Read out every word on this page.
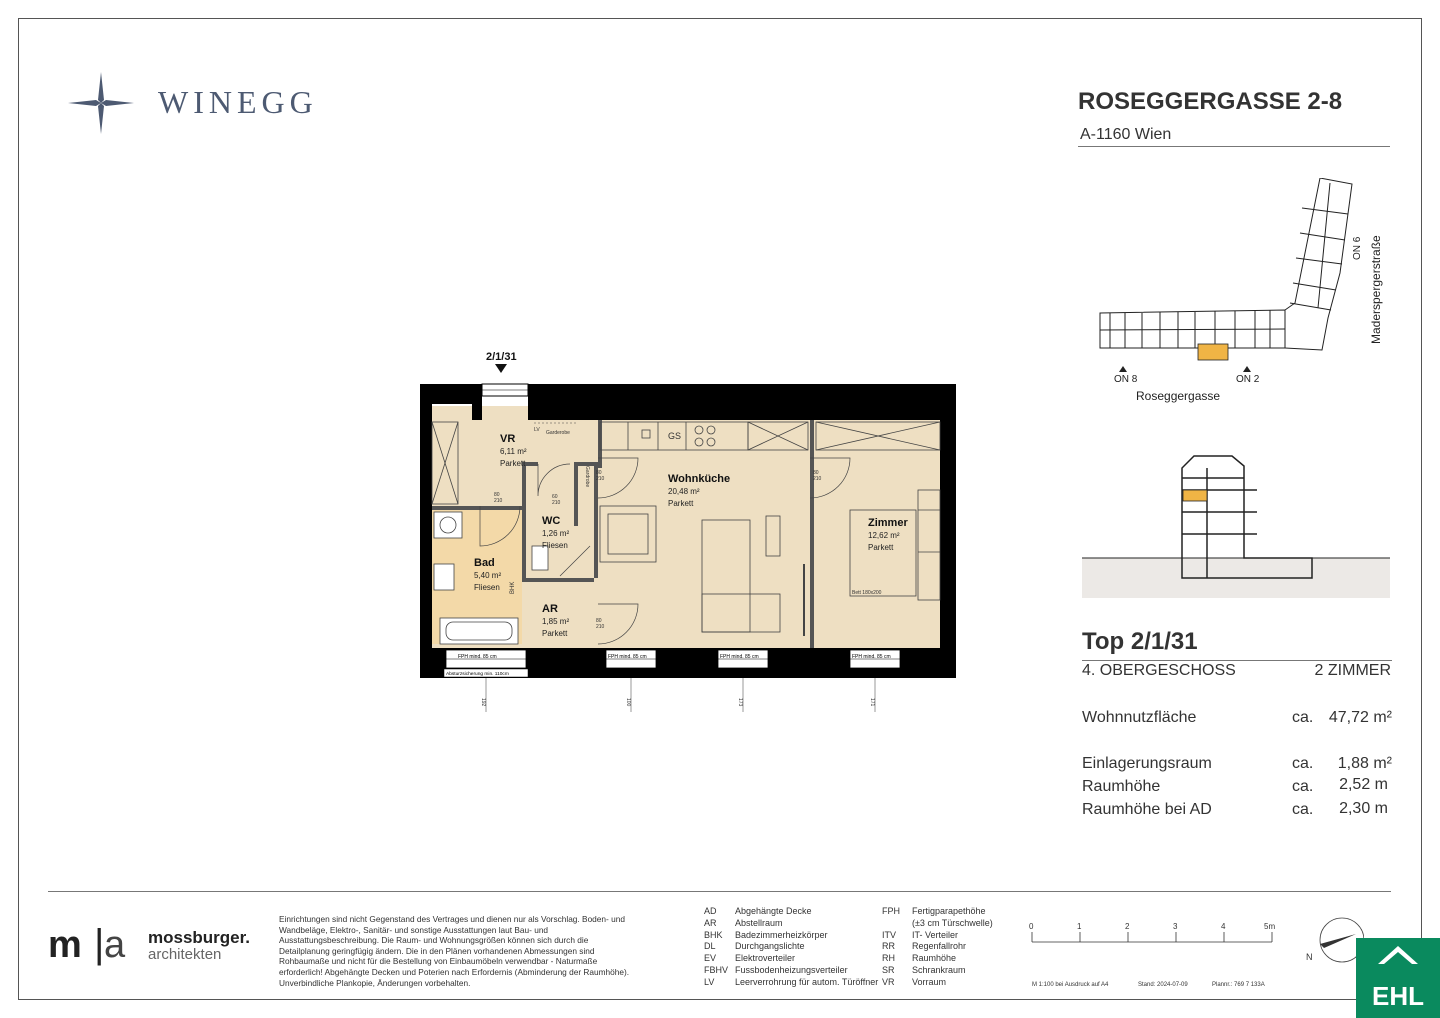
WINEGG	ROSEGGERGASSE 2-8
A-1160 Wien
ON 8	ON 2
Roseggergasse
ON 6 Maderspergerstraße
Top 2/1/31
4. OBERGESCHOSS	2 ZIMMER
Wohnnutzfläche	ca. 47,72 m²
Einlagerungsraum	ca.	1,88 m²
Raumhöhe	ca.	2,52 m
Raumhöhe bei AD	ca.	2,30 m
2/1/31
FPH mind. 85 cm	FPH mind. 85 cm	FPH mind. 85 cm	FPH mind. 85 cm
Absturzsicherung min. 110cm
192	100	173	171
GS
LV Garderobe
80
210
60
210
80
210
80
210
80
210
Gardrobe
BHK	Bett 180x200
VR
6,11 m²
Parkett
Bad
5,40 m²
Fliesen
WC
1,26 m²
Fliesen
AR
1,85 m²
Parkett
Wohnküche
20,48 m²
Parkett
Zimmer
12,62 m²
Parkett
m | a mossburger.
architekten
Einrichtungen sind nicht Gegenstand des Vertrages und dienen nur als Vorschlag. Boden- und Wandbeläge, Elektro-, Sanitär- und sonstige Ausstattungen laut Bau- und Ausstattungsbeschreibung. Die Raum- und Wohnungsgrößen können sich durch die Detailplanung geringfügig ändern. Die in den Plänen vorhandenen Abmessungen sind Rohbaumaße und nicht für die Bestellung von Einbaumöbeln verwendbar - Naturmaße erforderlich! Abgehängte Decken und Poterien nach Erfordernis (Abminderung der Raumhöhe). Unverbindliche Plankopie, Änderungen vorbehalten.
AD Abgehängte Decke
AR Abstellraum
BHK Badezimmerheizkörper
DL Durchgangslichte
EV Elektroverteiler
FBHV Fussbodenheizungsverteiler
LV Leerverrohrung für autom. Türöffner
FPH Fertigparapethöhe
(±3 cm Türschwelle)
ITV IT- Verteiler
RR Regenfallrohr
RH Raumhöhe
SR Schrankraum
VR Vorraum
0	1	2	3	4	5m
M 1:100 bei Ausdruck auf A4	Stand: 2024-07-09	Plannr.: 769 7 133A
N
EHL
